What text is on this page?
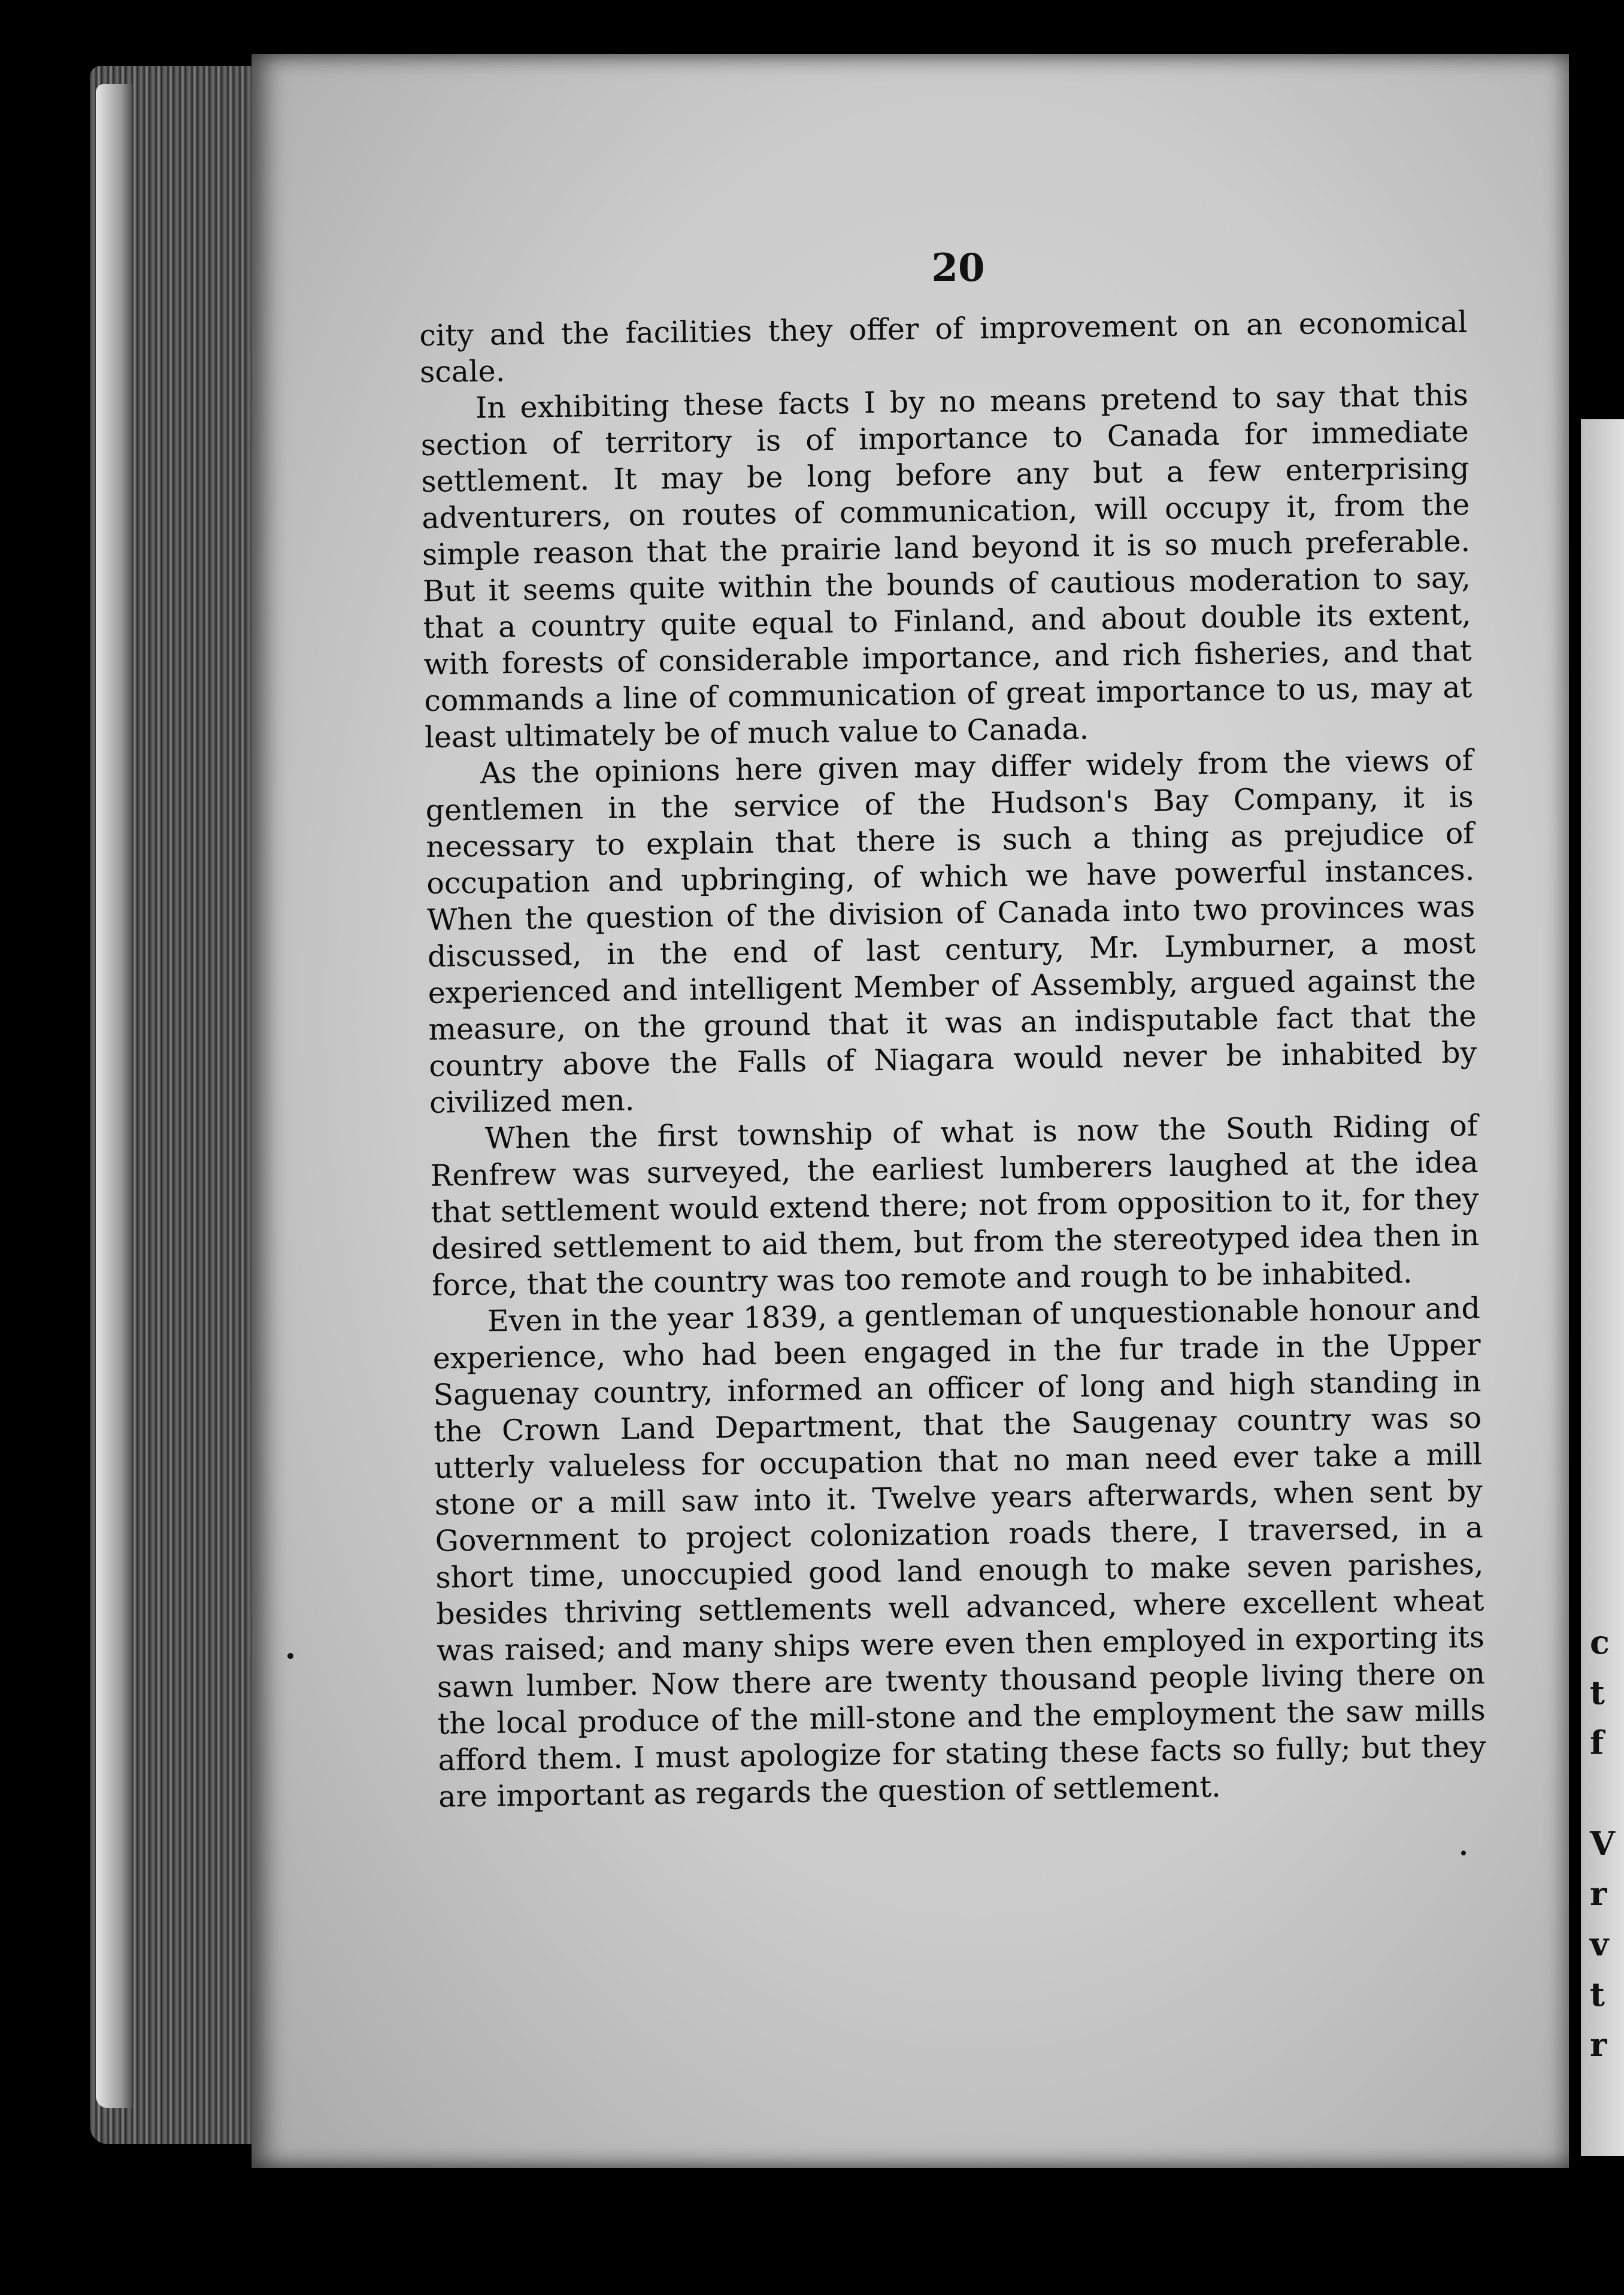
c
t
f
V
r
v
t
r
20

city and the facilities they offer of improvement on an economical scale.

In exhibiting these facts I by no means pretend to say that this section of territory is of importance to Canada for immediate settlement. It may be long before any but a few enterprising adventurers, on routes of communication, will occupy it, from the simple reason that the prairie land beyond it is so much preferable. But it seems quite within the bounds of cautious moderation to say, that a country quite equal to Finland, and about double its extent, with forests of considerable importance, and rich fisheries, and that commands a line of communication of great importance to us, may at least ultimately be of much value to Canada.

As the opinions here given may differ widely from the views of gentlemen in the service of the Hudson's Bay Company, it is necessary to explain that there is such a thing as prejudice of occupation and upbringing, of which we have powerful instances. When the question of the division of Canada into two provinces was discussed, in the end of last century, Mr. Lymburner, a most experienced and intelligent Member of Assembly, argued against the measure, on the ground that it was an indisputable fact that the country above the Falls of Niagara would never be inhabited by civilized men.

When the first township of what is now the South Riding of Renfrew was surveyed, the earliest lumberers laughed at the idea that settlement would extend there; not from opposition to it, for they desired settlement to aid them, but from the stereotyped idea then in force, that the country was too remote and rough to be inhabited.

Even in the year 1839, a gentleman of unquestionable honour and experience, who had been engaged in the fur trade in the Upper Saguenay country, informed an officer of long and high standing in the Crown Land Department, that the Saugenay country was so utterly valueless for occupation that no man need ever take a mill stone or a mill saw into it. Twelve years afterwards, when sent by Government to project colonization roads there, I traversed, in a short time, unoccupied good land enough to make seven parishes, besides thriving settlements well advanced, where excellent wheat was raised; and many ships were even then employed in exporting its sawn lumber. Now there are twenty thousand people living there on the local produce of the mill-stone and the employment the saw mills afford them. I must apologize for stating these facts so fully; but they are important as regards the question of settlement.
